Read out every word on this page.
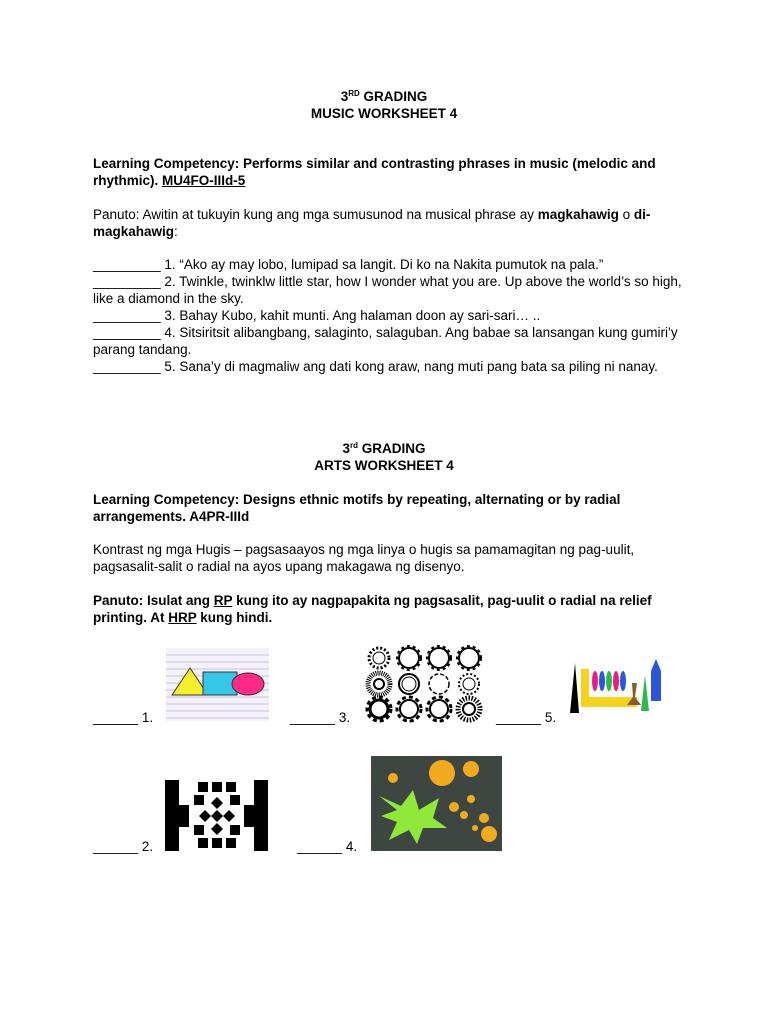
3RD GRADING
MUSIC WORKSHEET 4
Learning Competency: Performs similar and contrasting phrases in music (melodic and rhythmic). MU4FO-IIId-5
Panuto: Awitin at tukuyin kung ang mga sumusunod na musical phrase ay magkahawig o di-magkahawig:
_________ 1. “Ako ay may lobo, lumipad sa langit. Di ko na Nakita pumutok na pala.”
_________ 2. Twinkle, twinklw little star, how I wonder what you are. Up above the world’s so high, like a diamond in the sky.
_________ 3. Bahay Kubo, kahit munti. Ang halaman doon ay sari-sari… ..
_________ 4. Sitsiritsit alibangbang, salaginto, salaguban. Ang babae sa lansangan kung gumiri’y parang tandang.
_________ 5. Sana’y di magmaliw ang dati kong araw, nang muti pang bata sa piling ni nanay.
3rd GRADING
ARTS WORKSHEET 4
Learning Competency: Designs ethnic motifs by repeating, alternating or by radial arrangements. A4PR-IIId
Kontrast ng mga Hugis – pagsasaayos ng mga linya o hugis sa pamamagitan ng pag-uulit, pagsasalit-salit o radial na ayos upang makagawa ng disenyo.
Panuto: Isulat ang RP kung ito ay nagpapakita ng pagsasalit, pag-uulit o radial na relief printing. At HRP kung hindi.
______ 1.	______ 3.	______ 5.
______ 2.	______ 4.
